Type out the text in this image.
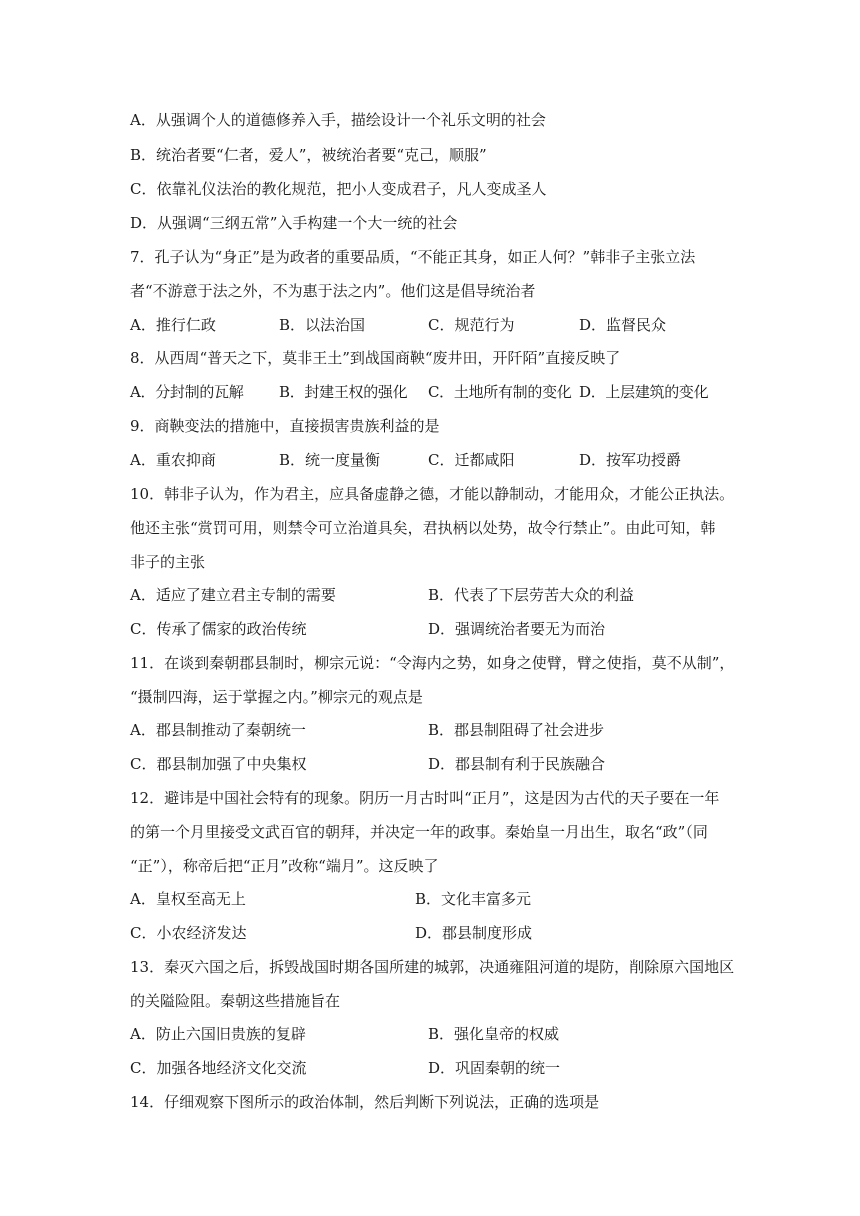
A．从强调个人的道德修养入手，描绘设计一个礼乐文明的社会
B．统治者要“仁者，爱人”，被统治者要“克己，顺服”
C．依靠礼仪法治的教化规范，把小人变成君子，凡人变成圣人
D．从强调“三纲五常”入手构建一个大一统的社会
7．孔子认为“身正”是为政者的重要品质，“不能正其身，如正人何？”韩非子主张立法
者“不游意于法之外，不为惠于法之内”。他们这是倡导统治者
A．推行仁政	B．以法治国	C．规范行为	D．监督民众
8．从西周“普天之下，莫非王土”到战国商鞅“废井田，开阡陌”直接反映了
A．分封制的瓦解 B．封建王权的强化 C．土地所有制的变化 D．上层建筑的变化
9．商鞅变法的措施中，直接损害贵族利益的是
A．重农抑商	B．统一度量衡	C．迁都咸阳	D．按军功授爵
10．韩非子认为，作为君主，应具备虚静之德，才能以静制动，才能用众，才能公正执法。
他还主张“赏罚可用，则禁令可立治道具矣，君执柄以处势，故令行禁止”。由此可知，韩
非子的主张
A．适应了建立君主专制的需要	B．代表了下层劳苦大众的利益
C．传承了儒家的政治传统	D．强调统治者要无为而治
11．在谈到秦朝郡县制时，柳宗元说：“令海内之势，如身之使臂，臂之使指，莫不从制”，
“摄制四海，运于掌握之内。”柳宗元的观点是
A．郡县制推动了秦朝统一	B．郡县制阻碍了社会进步
C．郡县制加强了中央集权	D．郡县制有利于民族融合
12．避讳是中国社会特有的现象。阴历一月古时叫“正月”，这是因为古代的天子要在一年
的第一个月里接受文武百官的朝拜，并决定一年的政事。秦始皇一月出生，取名“政”（同
“正”），称帝后把“正月”改称“端月”。这反映了
A．皇权至高无上	B．文化丰富多元
C．小农经济发达	D．郡县制度形成
13．秦灭六国之后，拆毁战国时期各国所建的城郭，决通雍阻河道的堤防，削除原六国地区
的关隘险阻。秦朝这些措施旨在
A．防止六国旧贵族的复辟	B．强化皇帝的权威
C．加强各地经济文化交流	D．巩固秦朝的统一
14．仔细观察下图所示的政治体制，然后判断下列说法，正确的选项是
